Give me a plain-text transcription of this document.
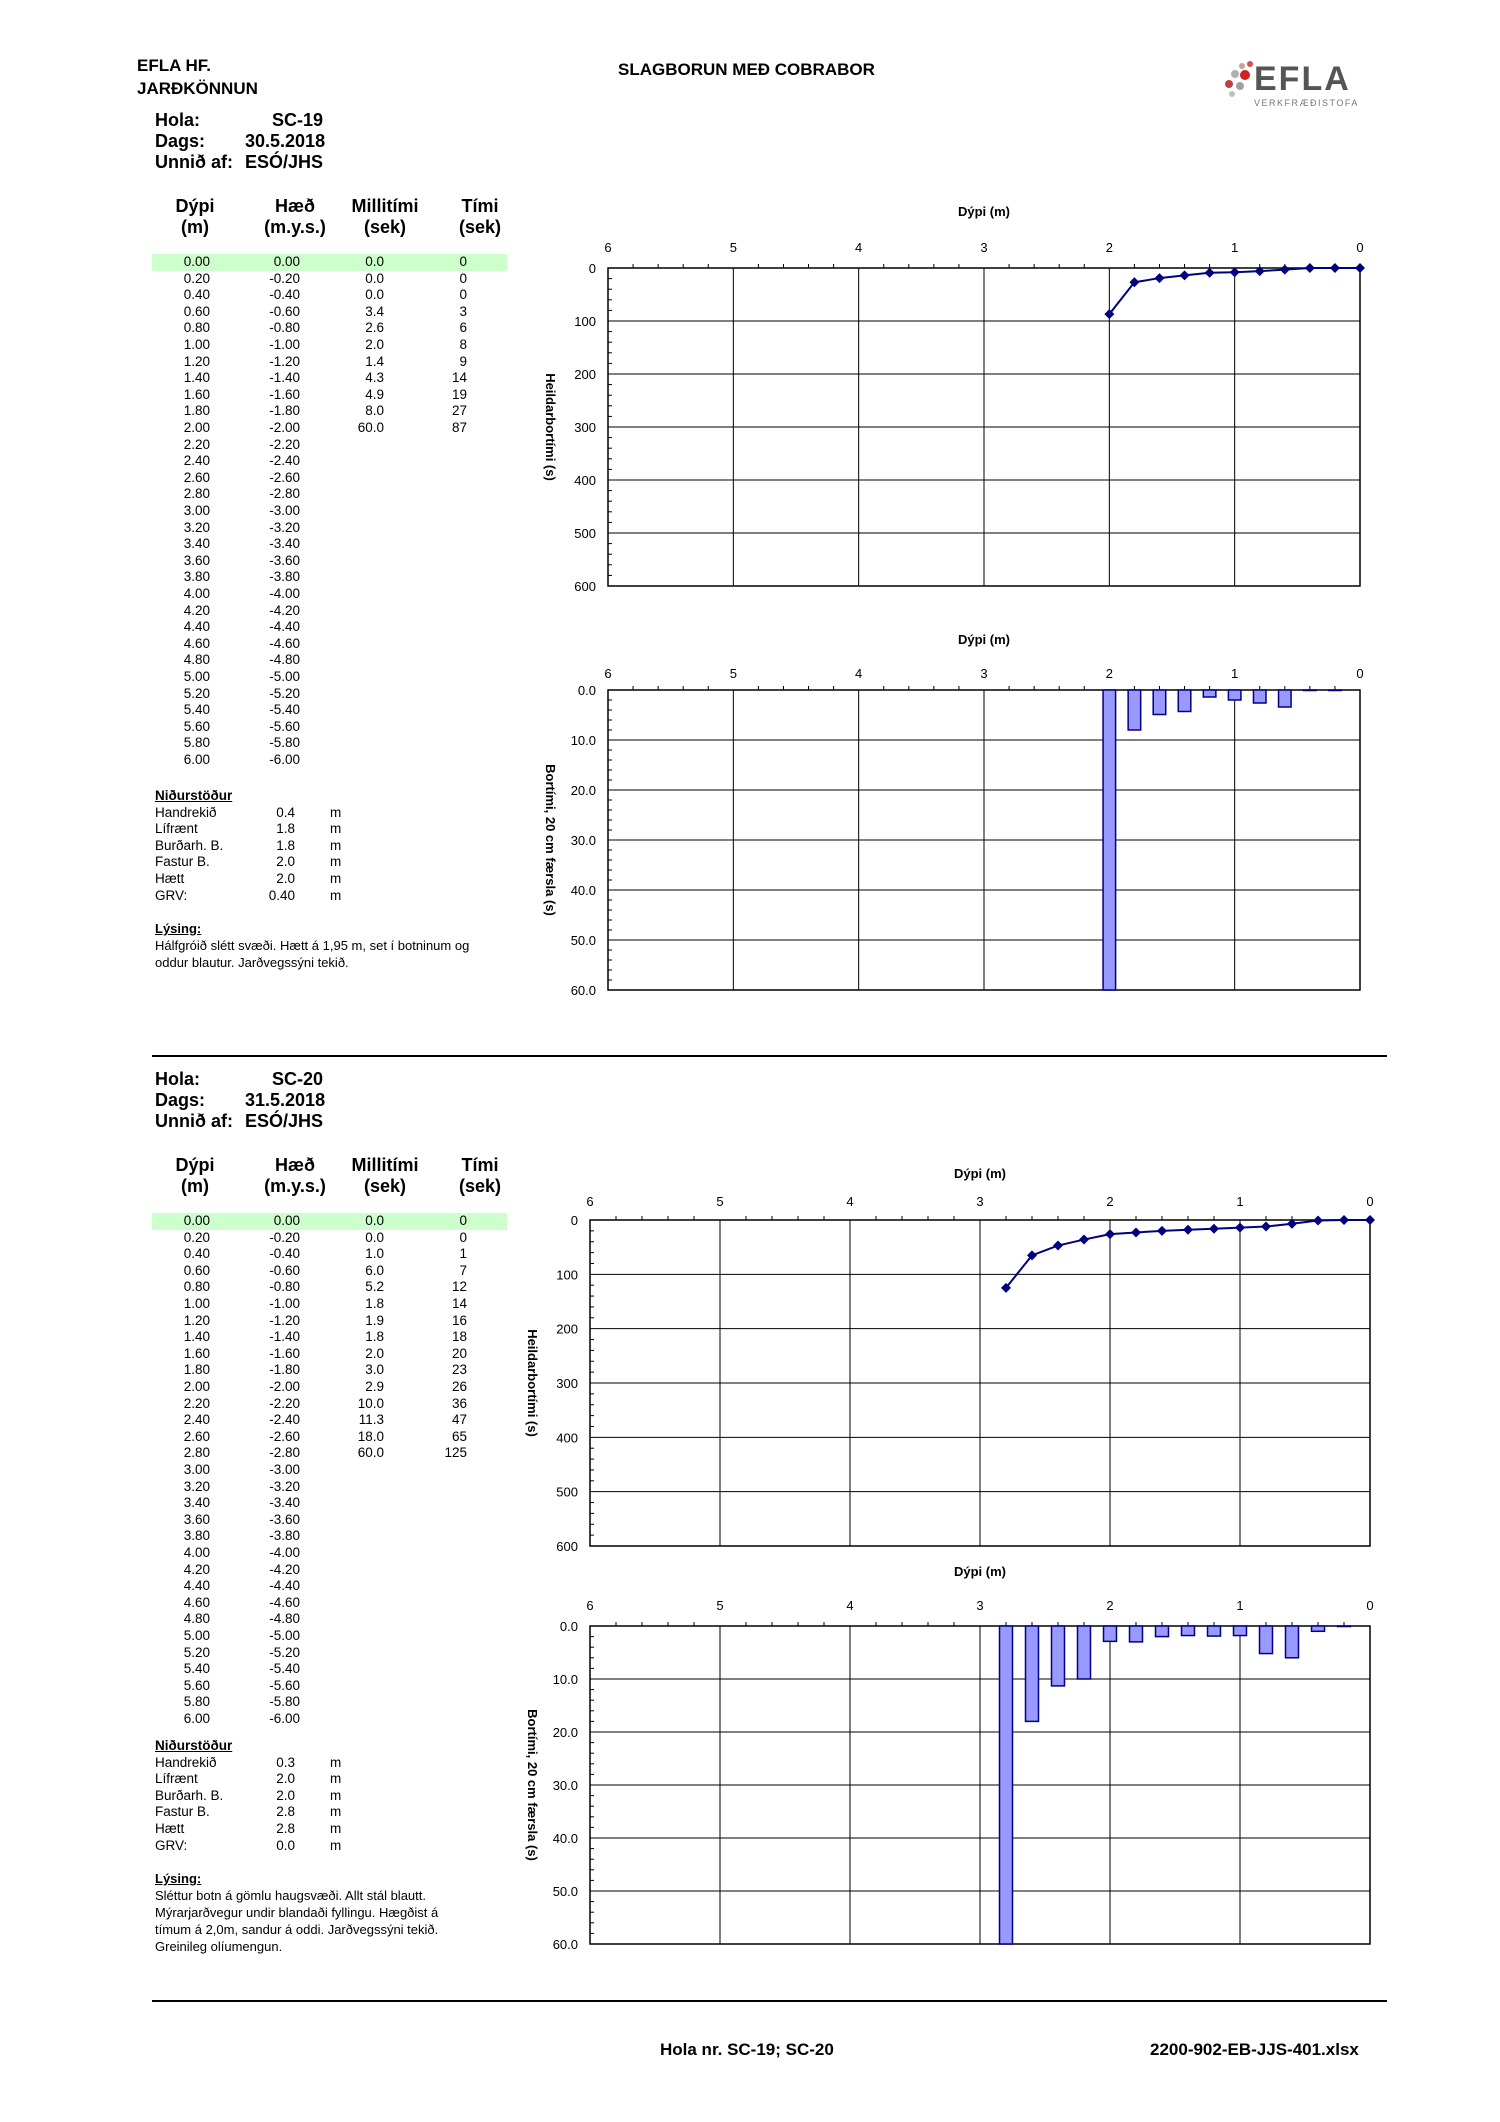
EFLA HF.
JARÐKÖNNUN
SLAGBORUN MEÐ COBRABOR	EFLA
VERKFRÆÐISTOFA
Hola:	SC-19
Dags: 30.5.2018
Unnið af: ESÓ/JHS
Dýpi
(m)
Hæð
(m.y.s.)
Millitími
(sek)
Tími
(sek)
0.00	0.00	0.0	0
0.20	-0.20	0.0	0
0.40	-0.40	0.0	0
0.60	-0.60	3.4	3
0.80	-0.80	2.6	6
1.00	-1.00	2.0	8
1.20	-1.20	1.4	9
1.40	-1.40	4.3	14
1.60	-1.60	4.9	19
1.80	-1.80	8.0	27
2.00	-2.00	60.0	87
2.20	-2.20
2.40	-2.40
2.60	-2.60
2.80	-2.80
3.00	-3.00
3.20	-3.20
3.40	-3.40
3.60	-3.60
3.80	-3.80
4.00	-4.00
4.20	-4.20
4.40	-4.40
4.60	-4.60
4.80	-4.80
5.00	-5.00
5.20	-5.20
5.40	-5.40
5.60	-5.60
5.80	-5.80
6.00	-6.00
Niðurstöður
Handrekið	0.4	m
Lífrænt	1.8	m
Burðarh. B.	1.8	m
Fastur B.	2.0	m
Hætt	2.0	m
GRV:	0.40	m
Lýsing:
Hálfgróið slétt svæði. Hætt á 1,95 m, set í botninum og
oddur blautur. Jarðvegssýni tekið.
Hola:	SC-20
Dags: 31.5.2018
Unnið af: ESÓ/JHS
Dýpi
(m)
Hæð
(m.y.s.)
Millitími
(sek)
Tími
(sek)
0.00	0.00	0.0	0
0.20	-0.20	0.0	0
0.40	-0.40	1.0	1
0.60	-0.60	6.0	7
0.80	-0.80	5.2	12
1.00	-1.00	1.8	14
1.20	-1.20	1.9	16
1.40	-1.40	1.8	18
1.60	-1.60	2.0	20
1.80	-1.80	3.0	23
2.00	-2.00	2.9	26
2.20	-2.20	10.0	36
2.40	-2.40	11.3	47
2.60	-2.60	18.0	65
2.80	-2.80	60.0	125
3.00	-3.00
3.20	-3.20
3.40	-3.40
3.60	-3.60
3.80	-3.80
4.00	-4.00
4.20	-4.20
4.40	-4.40
4.60	-4.60
4.80	-4.80
5.00	-5.00
5.20	-5.20
5.40	-5.40
5.60	-5.60
5.80	-5.80
6.00	-6.00
Niðurstöður
Handrekið	0.3	m
Lífrænt	2.0	m
Burðarh. B.	2.0	m
Fastur B.	2.8	m
Hætt	2.8	m
GRV:	0.0	m
Lýsing:
Sléttur botn á gömlu haugsvæði. Allt stál blautt.
Mýrarjarðvegur undir blandaði fyllingu. Hægðist á
tímum á 2,0m, sandur á oddi. Jarðvegssýni tekið.
Greinileg olíumengun.
Hola nr. SC-19; SC-20	2200-902-EB-JJS-401.xlsx
Dýpi (m)
6	5	4	3	2	1	0
0
100
200
300
400
500
600
Heildarbortími (s)
Dýpi (m)
6	5	4	3	2	1	0
0.0
10.0
20.0
30.0
40.0
50.0
60.0
Bortími, 20 cm færsla (s)
Dýpi (m)
6	5	4	3	2	1	0
0
100
200
300
400
500
600
Heildarbortími (s)
Dýpi (m)
6	5	4	3	2	1	0
0.0
10.0
20.0
30.0
40.0
50.0
60.0
Bortími, 20 cm færsla (s)
